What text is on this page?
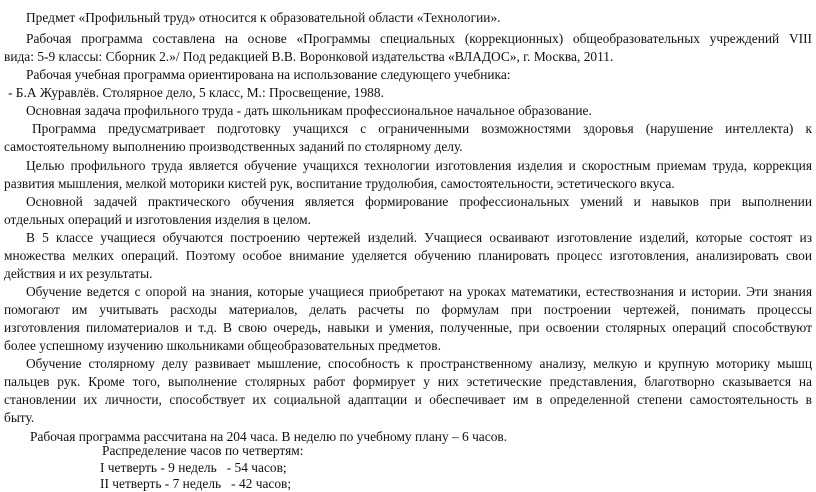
Предмет «Профильный труд» относится к образовательной области «Технологии».
Рабочая программа составлена на основе «Программы специальных (коррекционных) общеобразовательных учреждений VIII
вида: 5-9 классы: Сборник 2.»/ Под редакцией В.В. Воронковой издательства «ВЛАДОС», г. Москва, 2011.
Рабочая учебная программа ориентирована на использование следующего учебника:
- Б.А Журавлёв. Столярное дело, 5 класс, М.: Просвещение, 1988.
Основная задача профильного труда - дать школьникам профессиональное начальное образование.
Программа предусматривает подготовку учащихся с ограниченными возможностями здоровья (нарушение интеллекта) к
самостоятельному выполнению производственных заданий по столярному делу.
Целью профильного труда является обучение учащихся технологии изготовления изделия и скоростным приемам труда, коррекция
развития мышления, мелкой моторики кистей рук, воспитание трудолюбия, самостоятельности, эстетического вкуса.
Основной задачей практического обучения является формирование профессиональных умений и навыков при выполнении
отдельных операций и изготовления изделия в целом.
В 5 классе учащиеся обучаются построению чертежей изделий. Учащиеся осваивают изготовление изделий, которые состоят из
множества мелких операций. Поэтому особое внимание уделяется обучению планировать процесс изготовления, анализировать свои
действия и их результаты.
Обучение ведется с опорой на знания, которые учащиеся приобретают на уроках математики, естествознания и истории. Эти знания
помогают им учитывать расходы материалов, делать расчеты по формулам при построении чертежей, понимать процессы
изготовления пиломатериалов и т.д. В свою очередь, навыки и умения, полученные, при освоении столярных операций способствуют
более успешному изучению школьниками общеобразовательных предметов.
Обучение столярному делу развивает мышление, способность к пространственному анализу, мелкую и крупную моторику мышц
пальцев рук. Кроме того, выполнение столярных работ формирует у них эстетические представления, благотворно сказывается на
становлении их личности, способствует их социальной адаптации и обеспечивает им в определенной степени самостоятельность в
быту.
Рабочая программа рассчитана на 204 часа. В неделю по учебному плану – 6 часов.
Распределение часов по четвертям:
I четверть - 9 недель   - 54 часов;
II четверть - 7 недель   - 42 часов;
